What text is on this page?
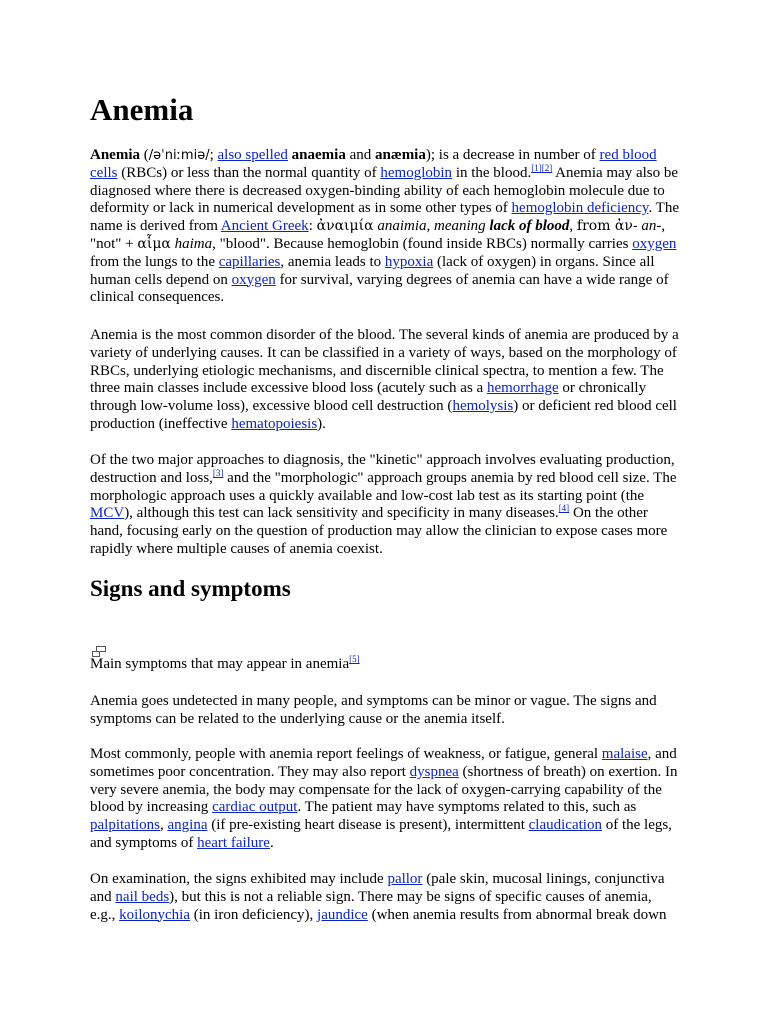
Anemia

Anemia (/əˈniːmiə/; also spelled anaemia and anæmia); is a decrease in number of red blood cells (RBCs) or less than the normal quantity of hemoglobin in the blood.[1][2] Anemia may also be diagnosed where there is decreased oxygen-binding ability of each hemoglobin molecule due to deformity or lack in numerical development as in some other types of hemoglobin deficiency. The name is derived from Ancient Greek: ἀναιμία anaimia, meaning lack of blood, from ἀν- an-, "not" + αἷμα haima, "blood". Because hemoglobin (found inside RBCs) normally carries oxygen from the lungs to the capillaries, anemia leads to hypoxia (lack of oxygen) in organs. Since all human cells depend on oxygen for survival, varying degrees of anemia can have a wide range of clinical consequences.

Anemia is the most common disorder of the blood. The several kinds of anemia are produced by a variety of underlying causes. It can be classified in a variety of ways, based on the morphology of RBCs, underlying etiologic mechanisms, and discernible clinical spectra, to mention a few. The three main classes include excessive blood loss (acutely such as a hemorrhage or chronically through low-volume loss), excessive blood cell destruction (hemolysis) or deficient red blood cell production (ineffective hematopoiesis).

Of the two major approaches to diagnosis, the "kinetic" approach involves evaluating production, destruction and loss,[3] and the "morphologic" approach groups anemia by red blood cell size. The morphologic approach uses a quickly available and low-cost lab test as its starting point (the MCV), although this test can lack sensitivity and specificity in many diseases.[4] On the other hand, focusing early on the question of production may allow the clinician to expose cases more rapidly where multiple causes of anemia coexist.

Signs and symptoms

Main symptoms that may appear in anemia[5]

Anemia goes undetected in many people, and symptoms can be minor or vague. The signs and symptoms can be related to the underlying cause or the anemia itself.

Most commonly, people with anemia report feelings of weakness, or fatigue, general malaise, and sometimes poor concentration. They may also report dyspnea (shortness of breath) on exertion. In very severe anemia, the body may compensate for the lack of oxygen-carrying capability of the blood by increasing cardiac output. The patient may have symptoms related to this, such as palpitations, angina (if pre-existing heart disease is present), intermittent claudication of the legs, and symptoms of heart failure.

On examination, the signs exhibited may include pallor (pale skin, mucosal linings, conjunctiva and nail beds), but this is not a reliable sign. There may be signs of specific causes of anemia, e.g., koilonychia (in iron deficiency), jaundice (when anemia results from abnormal break down
